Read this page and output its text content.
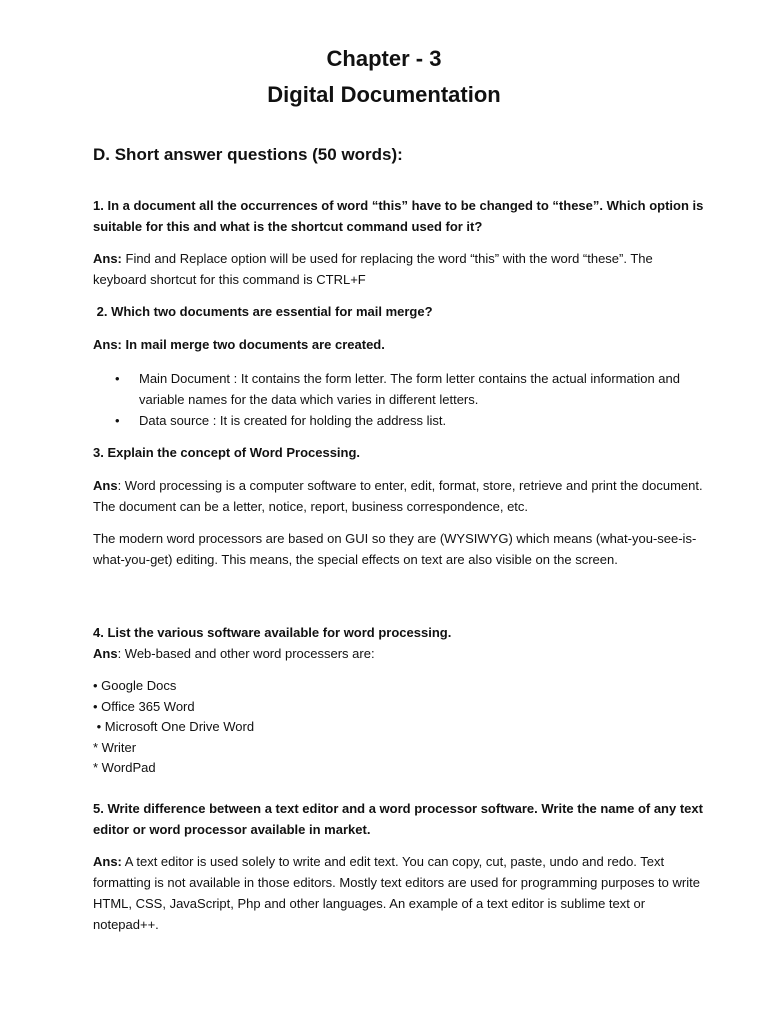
Chapter - 3
Digital Documentation
D. Short answer questions (50 words):

1. In a document all the occurrences of word “this” have to be changed to “these”. Which option is suitable for this and what is the shortcut command used for it?

Ans: Find and Replace option will be used for replacing the word “this” with the word “these”. The keyboard shortcut for this command is CTRL+F

2. Which two documents are essential for mail merge?

Ans: In mail merge two documents are created.

• Main Document : It contains the form letter. The form letter contains the actual information and variable names for the data which varies in different letters.
• Data source : It is created for holding the address list.

3. Explain the concept of Word Processing.

Ans: Word processing is a computer software to enter, edit, format, store, retrieve and print the document. The document can be a letter, notice, report, business correspondence, etc.

The modern word processors are based on GUI so they are (WYSIWYG) which means (what-you-see-is-what-you-get) editing. This means, the special effects on text are also visible on the screen.

4. List the various software available for word processing.

Ans: Web-based and other word processers are:

• Google Docs
• Office 365 Word
• Microsoft One Drive Word
* Writer
* WordPad

5. Write difference between a text editor and a word processor software. Write the name of any text editor or word processor available in market.

Ans: A text editor is used solely to write and edit text. You can copy, cut, paste, undo and redo. Text formatting is not available in those editors. Mostly text editors are used for programming purposes to write HTML, CSS, JavaScript, Php and other languages. An example of a text editor is sublime text or notepad++.
